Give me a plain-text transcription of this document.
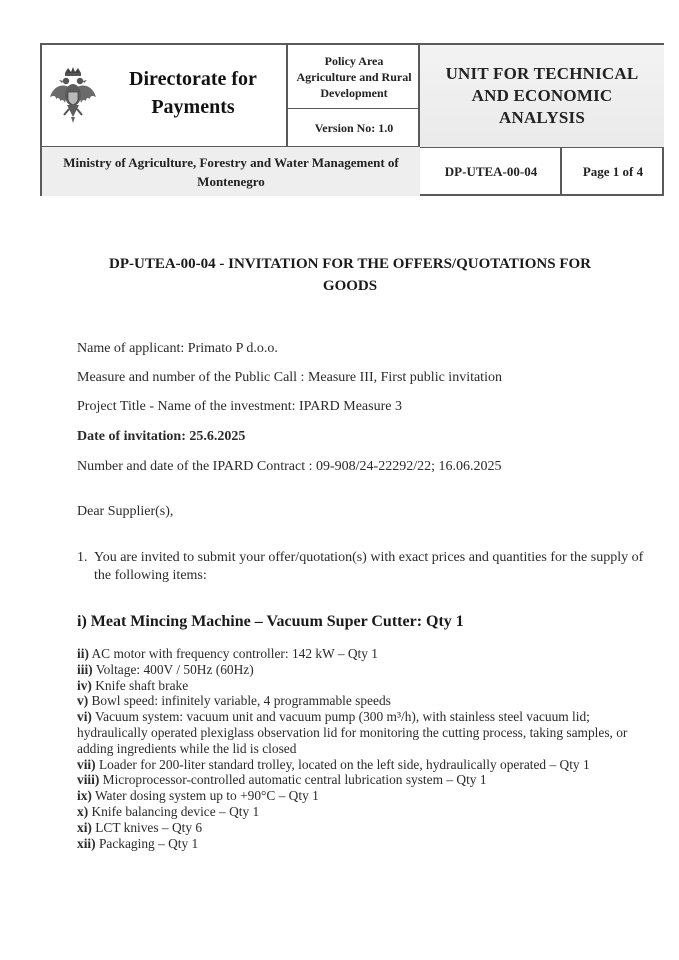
Directorate for
Payments
Policy Area
Agriculture and Rural
Development
Version No: 1.0
UNIT FOR TECHNICAL
AND ECONOMIC
ANALYSIS
Ministry of Agriculture, Forestry and Water Management of
Montenegro
DP-UTEA-00-04	Page 1 of 4
DP-UTEA-00-04 - INVITATION FOR THE OFFERS/QUOTATIONS FOR
GOODS
Name of applicant: Primato P d.o.o.
Measure and number of the Public Call : Measure III, First public invitation
Project Title - Name of the investment: IPARD Measure 3
Date of invitation: 25.6.2025
Number and date of the IPARD Contract : 09-908/24-22292/22; 16.06.2025
Dear Supplier(s),
1. You are invited to submit your offer/quotation(s) with exact prices and quantities for the supply of the following items:
i) Meat Mincing Machine – Vacuum Super Cutter: Qty 1

ii) AC motor with frequency controller: 142 kW – Qty 1

iii) Voltage: 400V / 50Hz (60Hz)

iv) Knife shaft brake

v) Bowl speed: infinitely variable, 4 programmable speeds

vi) Vacuum system: vacuum unit and vacuum pump (300 m³/h), with stainless steel vacuum lid; hydraulically operated plexiglass observation lid for monitoring the cutting process, taking samples, or adding ingredients while the lid is closed

vii) Loader for 200-liter standard trolley, located on the left side, hydraulically operated – Qty 1

viii) Microprocessor-controlled automatic central lubrication system – Qty 1

ix) Water dosing system up to +90°C – Qty 1

x) Knife balancing device – Qty 1

xi) LCT knives – Qty 6

xii) Packaging – Qty 1
